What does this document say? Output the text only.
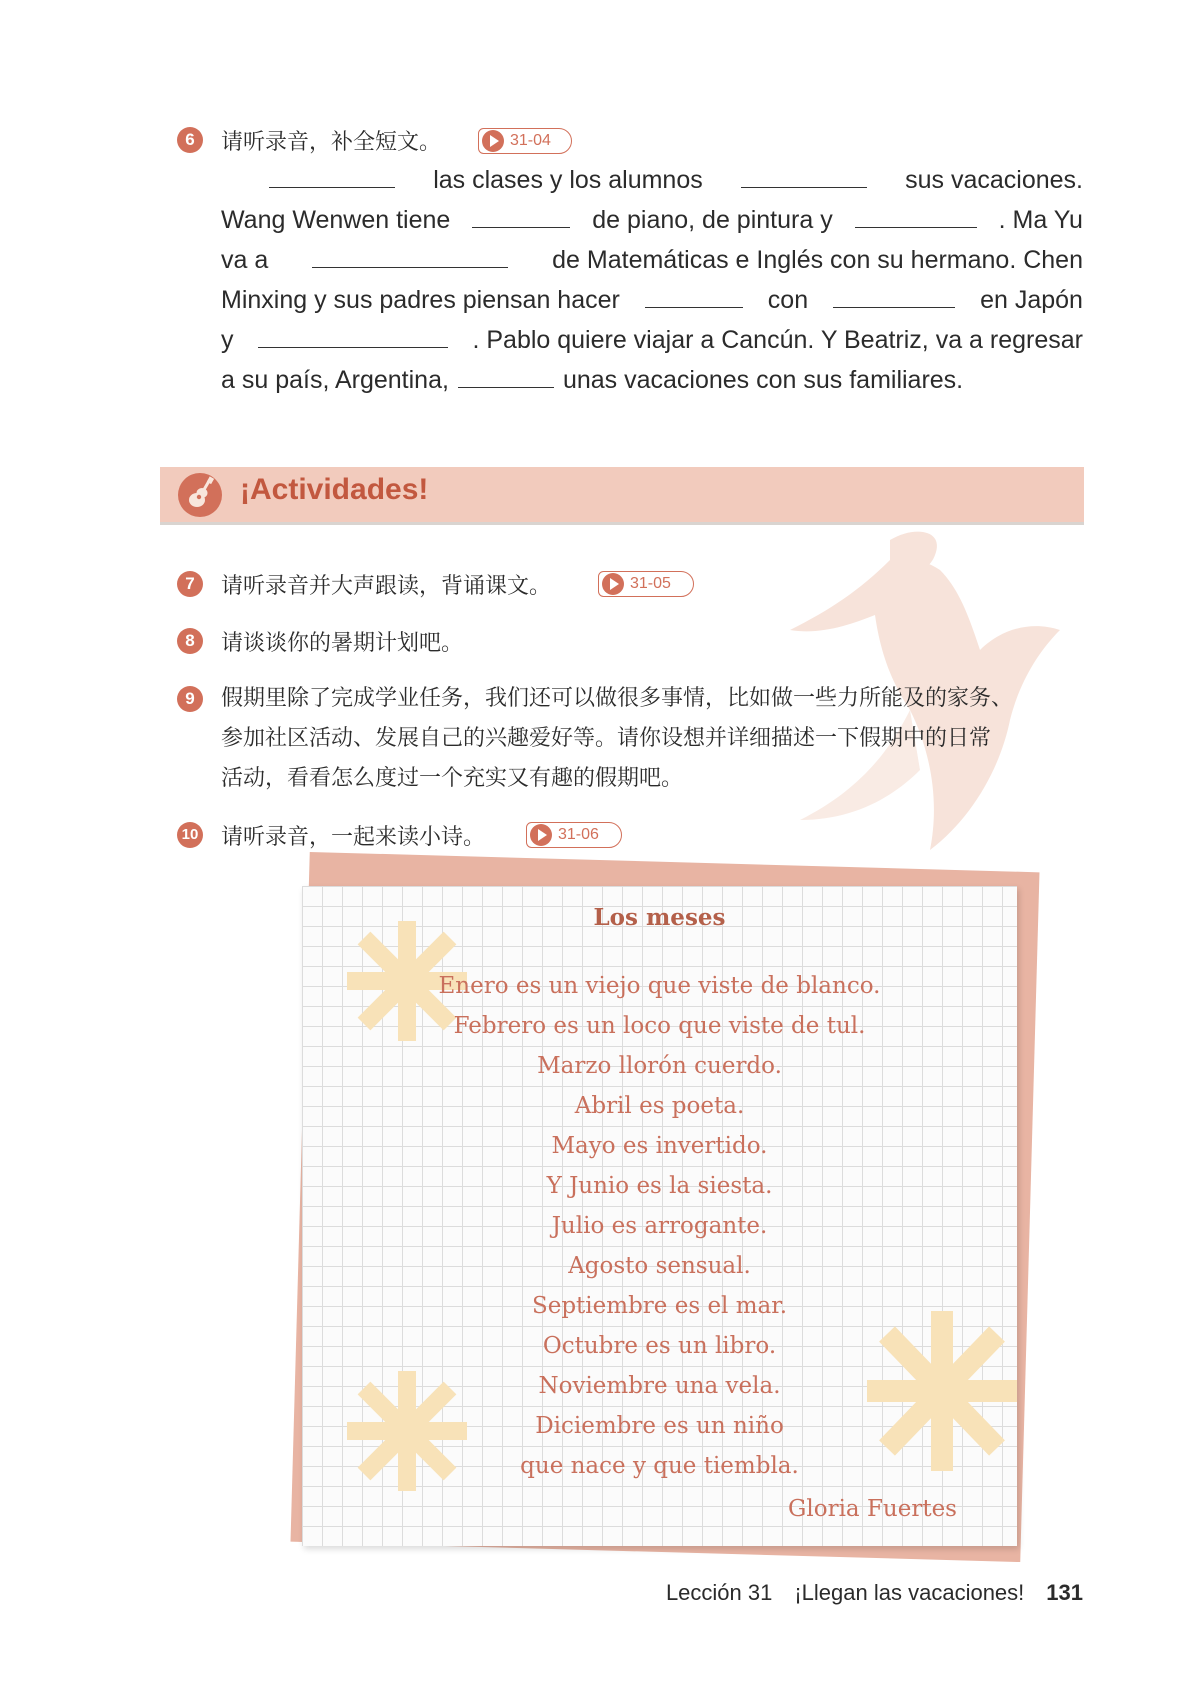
6	请听录音，补全短文。	31-04
las clases y los alumnos	sus vacaciones.
Wang Wenwen tiene	de piano, de pintura y	. Ma Yu
va a	de Matemáticas e Inglés con su hermano. Chen
Minxing y sus padres piensan hacer	con	en Japón
y	. Pablo quiere viajar a Cancún. Y Beatriz, va a regresar
a su país, Argentina,	unas vacaciones con sus familiares.
¡Actividades!
7	请听录音并大声跟读，背诵课文。	31-05
8	请谈谈你的暑期计划吧。
9	假期里除了完成学业任务，我们还可以做很多事情，比如做一些力所能及的家务、
参加社区活动、发展自己的兴趣爱好等。请你设想并详细描述一下假期中的日常
活动，看看怎么度过一个充实又有趣的假期吧。
10 请听录音，一起来读小诗。	31-06
Los meses
Enero es un viejo que viste de blanco.
Febrero es un loco que viste de tul.
Marzo llorón cuerdo.
Abril es poeta.
Mayo es invertido.
Y Junio es la siesta.
Julio es arrogante.
Agosto sensual.
Septiembre es el mar.
Octubre es un libro.
Noviembre una vela.
Diciembre es un niño
que nace y que tiembla.
Gloria Fuertes
Lección 31 ¡Llegan las vacaciones! 131
